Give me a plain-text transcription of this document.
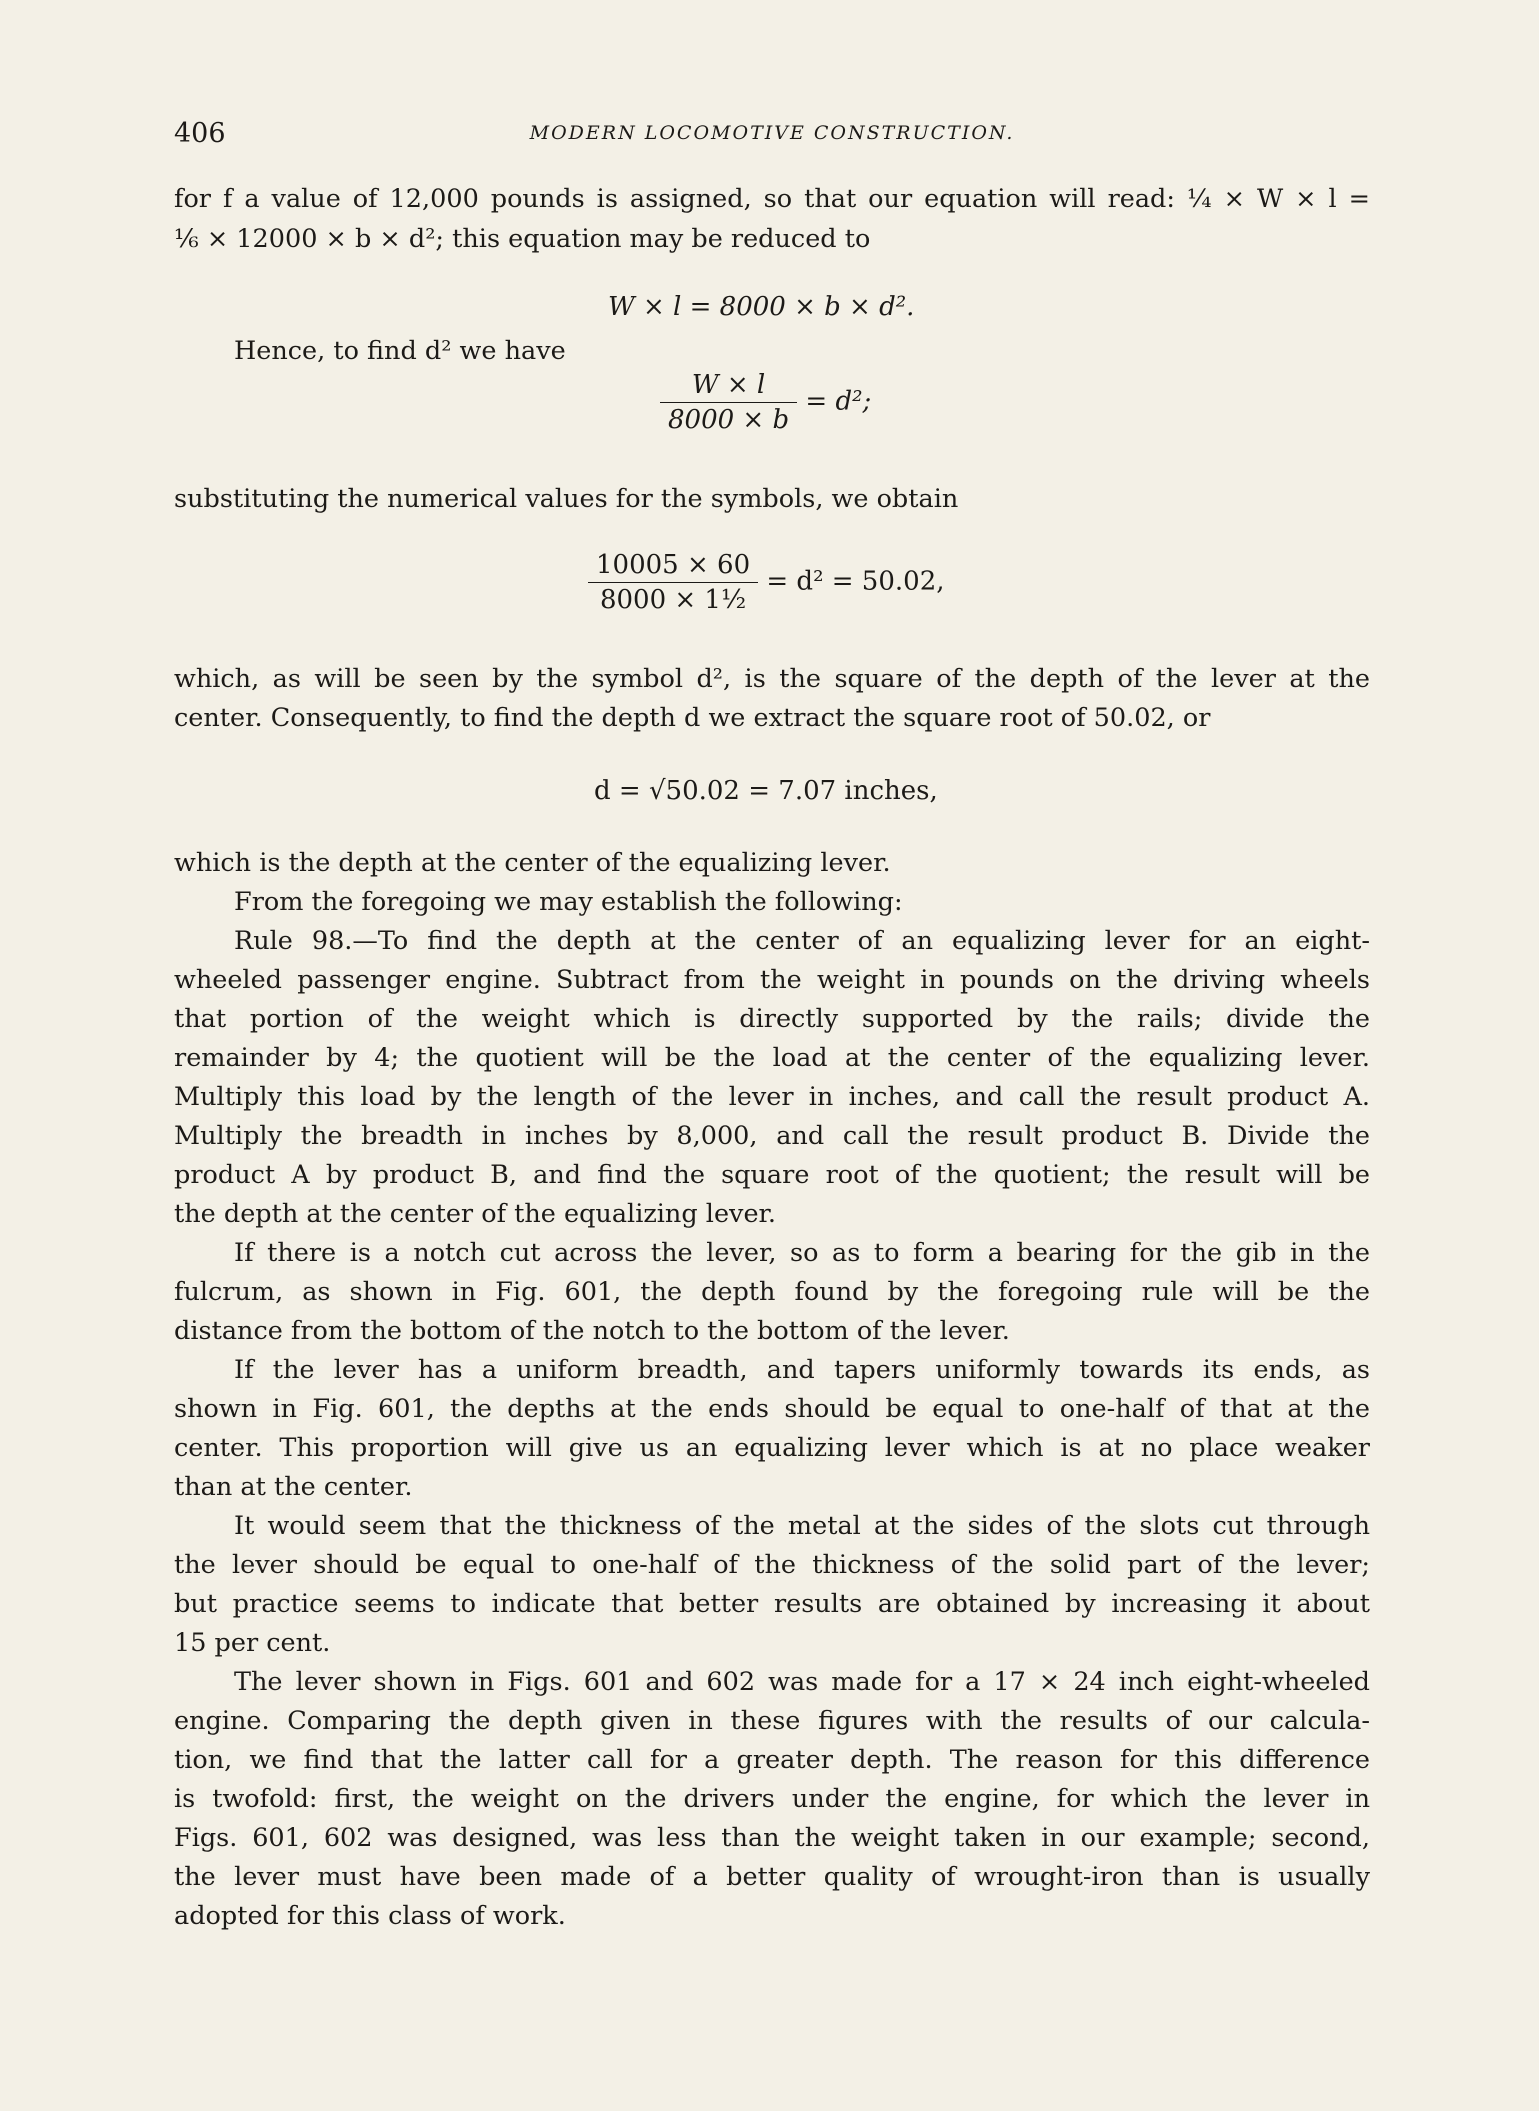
406	MODERN LOCOMOTIVE CONSTRUCTION.

for f a value of 12,000 pounds is assigned, so that our equation will read: ¼ × W × l =

⅙ × 12000 × b × d²; this equation may be reduced to

W × l = 8000 × b × d².

Hence, to find d² we have

$\frac{W \times l}{8000 \times b} = d^2$;

substituting the numerical values for the symbols, we obtain

$\frac{10005 \times 60}{\text{8000 × 1½}} = d^2 = 50.02$,

which, as will be seen by the symbol d², is the square of the depth of the lever at the

center. Consequently, to find the depth d we extract the square root of 50.02, or

d = √50.02 = 7.07 inches,

which is the depth at the center of the equalizing lever.

From the foregoing we may establish the following:

Rule 98.—To find the depth at the center of an equalizing lever for an eight-

wheeled passenger engine. Subtract from the weight in pounds on the driving wheels

that portion of the weight which is directly supported by the rails; divide the

remainder by 4; the quotient will be the load at the center of the equalizing lever.

Multiply this load by the length of the lever in inches, and call the result product A.

Multiply the breadth in inches by 8,000, and call the result product B. Divide the

product A by product B, and find the square root of the quotient; the result will be

the depth at the center of the equalizing lever.

If there is a notch cut across the lever, so as to form a bearing for the gib in the

fulcrum, as shown in Fig. 601, the depth found by the foregoing rule will be the

distance from the bottom of the notch to the bottom of the lever.

If the lever has a uniform breadth, and tapers uniformly towards its ends, as

shown in Fig. 601, the depths at the ends should be equal to one-half of that at the

center. This proportion will give us an equalizing lever which is at no place weaker

than at the center.

It would seem that the thickness of the metal at the sides of the slots cut through

the lever should be equal to one-half of the thickness of the solid part of the lever;

but practice seems to indicate that better results are obtained by increasing it about

15 per cent.

The lever shown in Figs. 601 and 602 was made for a 17 × 24 inch eight-wheeled

engine. Comparing the depth given in these figures with the results of our calcula-

tion, we find that the latter call for a greater depth. The reason for this difference

is twofold: first, the weight on the drivers under the engine, for which the lever in

Figs. 601, 602 was designed, was less than the weight taken in our example; second,

the lever must have been made of a better quality of wrought-iron than is usually

adopted for this class of work.
